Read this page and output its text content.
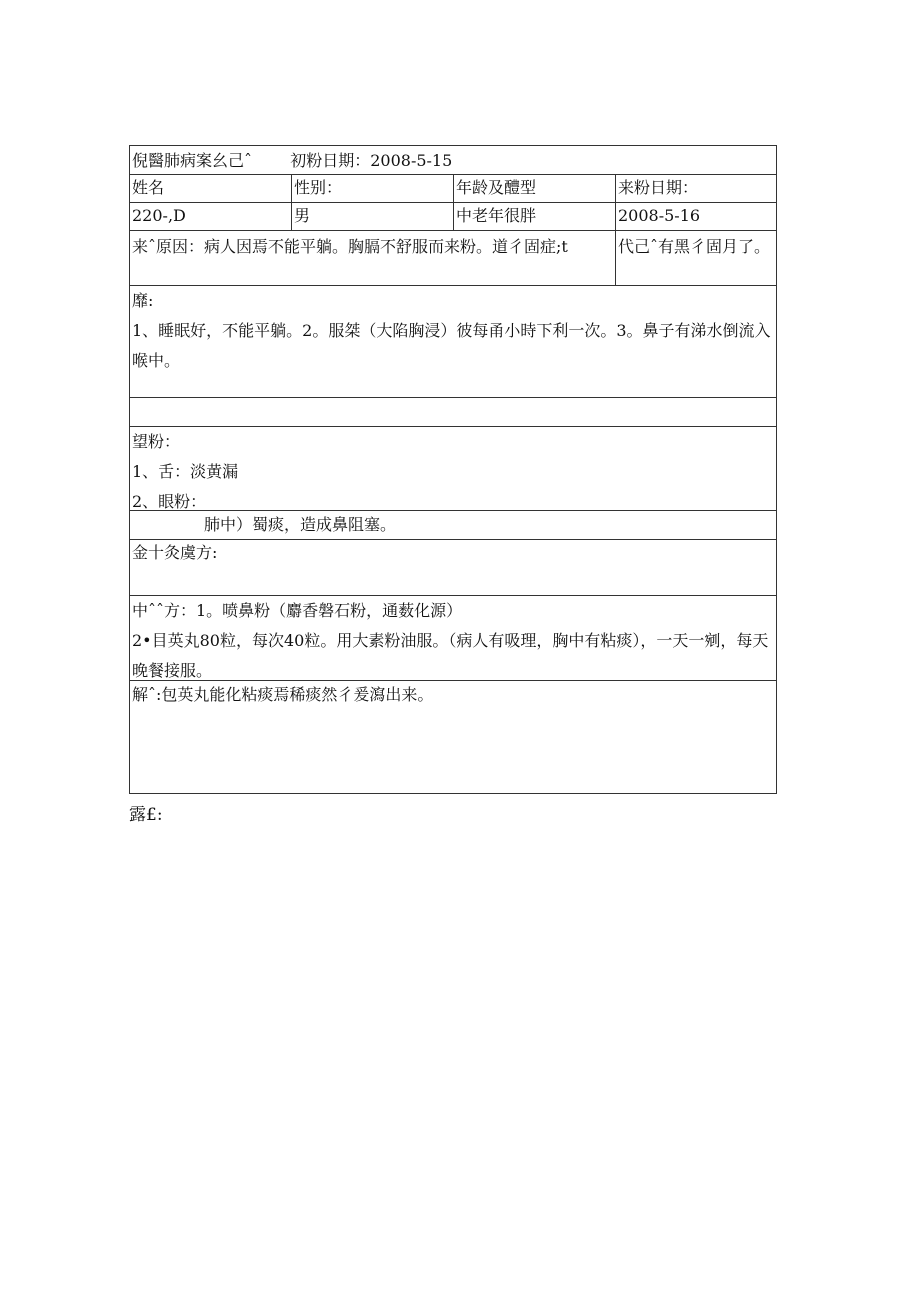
倪醫肺病案幺己ˆ 初粉日期：2008-5-15
姓名	性别：	年龄及醴型	来粉日期：
220-,D	男	中老年很胖	2008-5-16
来ˆ原因：病人因焉不能平躺。胸膈不舒服而来粉。道彳固症;t	代己ˆ有黑彳固月了。
靡:
1、睡眠好，不能平躺。2。服桀（大陷胸浸）彼每甬小時下利一次。3。鼻子有涕水倒流入喉中。
望粉：
1、舌：淡黄漏
2、眼粉：
肺中）蜀痰，造成鼻阻塞。
金十灸虞方:
中ˆˆ方：1。喷鼻粉（麝香磐石粉，通薮化源）
2•目英丸80粒，每次40粒。用大素粉油服。（病人有吸理，胸中有粘痰），一天一剜，每天晚餐接服。
解ˆ:包英丸能化粘痰焉稀痰然彳爰瀉出来。
露£:
